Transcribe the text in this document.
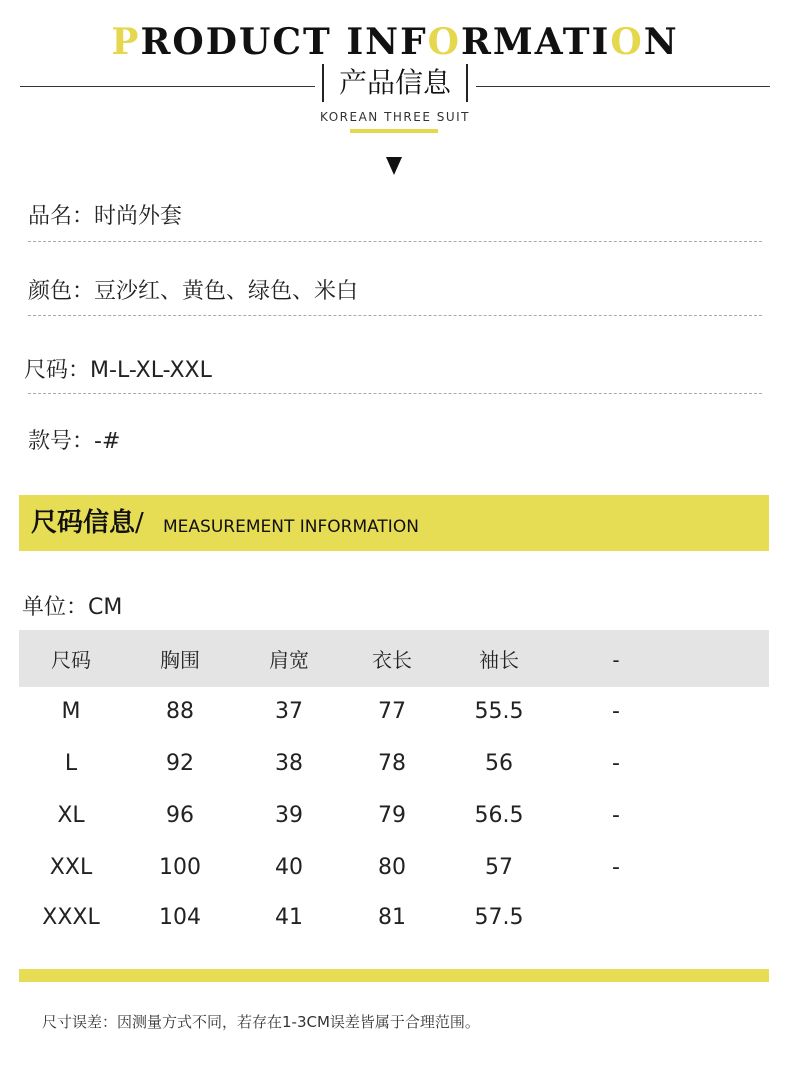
PRODUCT INFORMATION
产品信息
KOREAN THREE SUIT
品名：时尚外套
颜色：豆沙红、黄色、绿色、米白
尺码：M-L-XL-XXL
款号：-#
尺码信息/ MEASUREMENT INFORMATION
单位：CM
尺码	胸围	肩宽	衣长	袖长	-
M	88	37	77	55.5	-
L	92	38	78	56	-
XL	96	39	79	56.5	-
XXL	100	40	80	57	-
XXXL	104	41	81	57.5
尺寸误差：因测量方式不同，若存在1-3CM误差皆属于合理范围。
